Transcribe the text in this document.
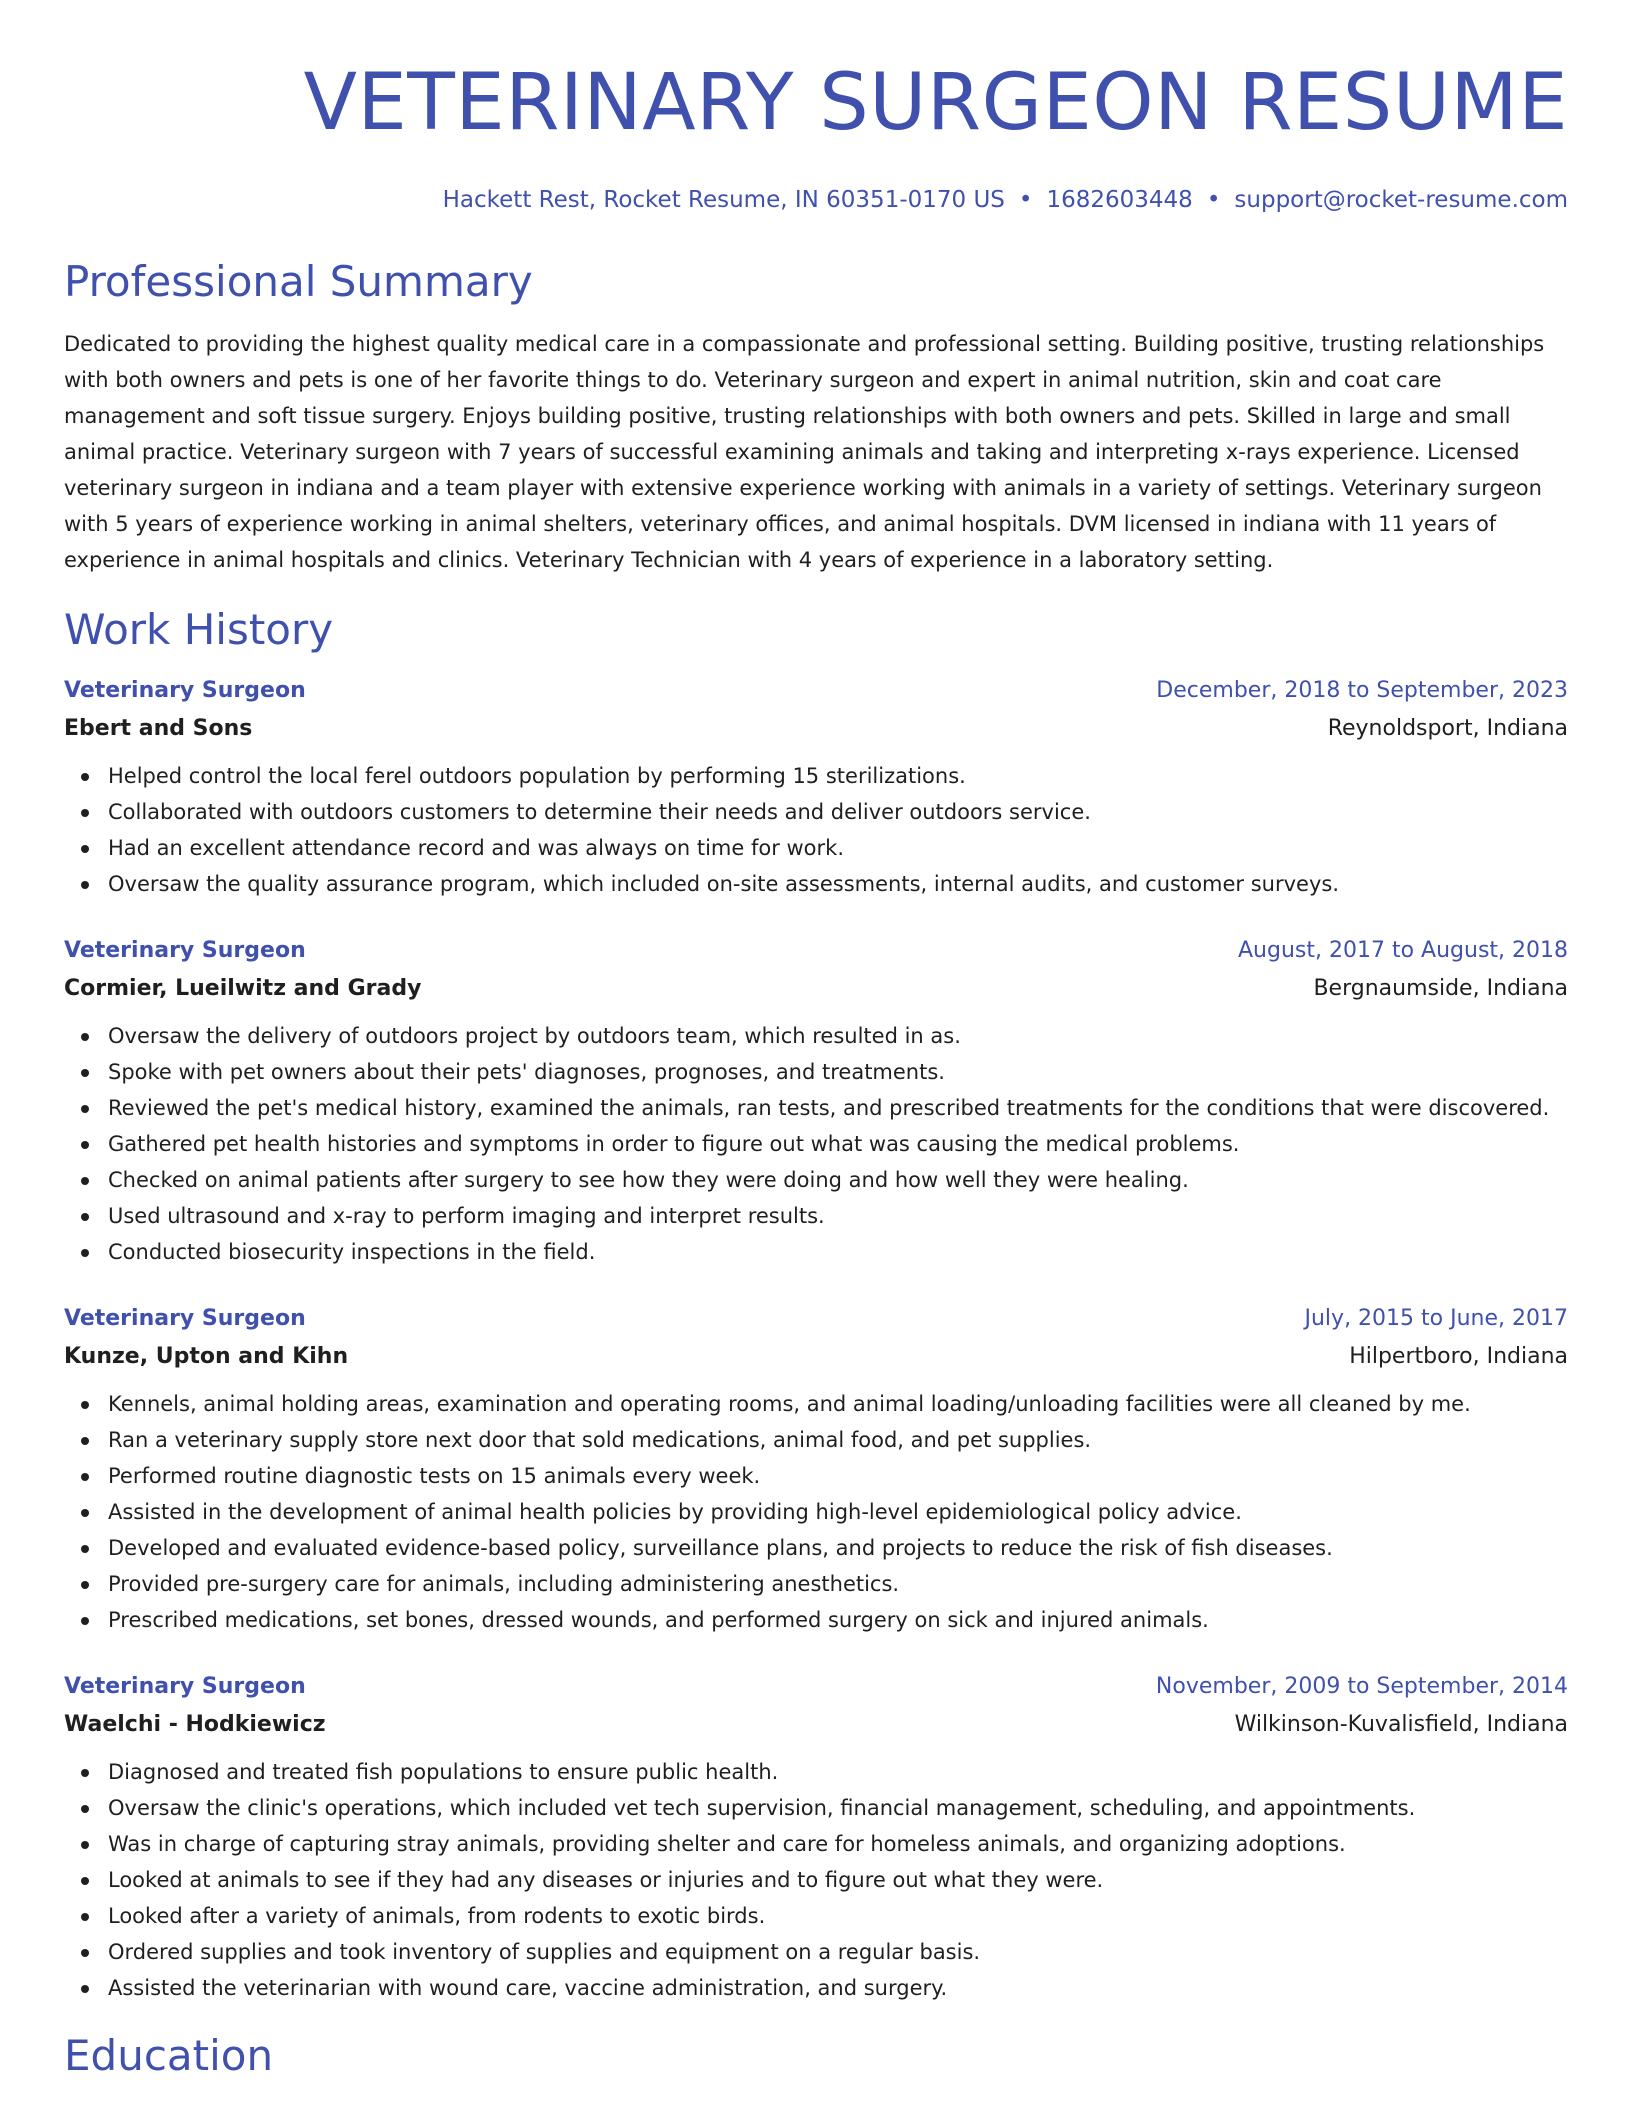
VETERINARY SURGEON RESUME
Hackett Rest, Rocket Resume, IN 60351-0170 US • 1682603448 • support@rocket-resume.com
Professional Summary

Dedicated to providing the highest quality medical care in a compassionate and professional setting. Building positive, trusting relationships with both owners and pets is one of her favorite things to do. Veterinary surgeon and expert in animal nutrition, skin and coat care management and soft tissue surgery. Enjoys building positive, trusting relationships with both owners and pets. Skilled in large and small animal practice. Veterinary surgeon with 7 years of successful examining animals and taking and interpreting x-rays experience. Licensed veterinary surgeon in indiana and a team player with extensive experience working with animals in a variety of settings. Veterinary surgeon with 5 years of experience working in animal shelters, veterinary offices, and animal hospitals. DVM licensed in indiana with 11 years of experience in animal hospitals and clinics. Veterinary Technician with 4 years of experience in a laboratory setting.

Work History
Veterinary Surgeon	December, 2018 to September, 2023
Ebert and Sons	Reynoldsport, Indiana
Helped control the local ferel outdoors population by performing 15 sterilizations.
Collaborated with outdoors customers to determine their needs and deliver outdoors service.
Had an excellent attendance record and was always on time for work.
Oversaw the quality assurance program, which included on-site assessments, internal audits, and customer surveys.
Veterinary Surgeon	August, 2017 to August, 2018
Cormier, Lueilwitz and Grady	Bergnaumside, Indiana
Oversaw the delivery of outdoors project by outdoors team, which resulted in as.
Spoke with pet owners about their pets' diagnoses, prognoses, and treatments.
Reviewed the pet's medical history, examined the animals, ran tests, and prescribed treatments for the conditions that were discovered.
Gathered pet health histories and symptoms in order to figure out what was causing the medical problems.
Checked on animal patients after surgery to see how they were doing and how well they were healing.
Used ultrasound and x-ray to perform imaging and interpret results.
Conducted biosecurity inspections in the field.
Veterinary Surgeon	July, 2015 to June, 2017
Kunze, Upton and Kihn	Hilpertboro, Indiana
Kennels, animal holding areas, examination and operating rooms, and animal loading/unloading facilities were all cleaned by me.
Ran a veterinary supply store next door that sold medications, animal food, and pet supplies.
Performed routine diagnostic tests on 15 animals every week.
Assisted in the development of animal health policies by providing high-level epidemiological policy advice.
Developed and evaluated evidence-based policy, surveillance plans, and projects to reduce the risk of fish diseases.
Provided pre-surgery care for animals, including administering anesthetics.
Prescribed medications, set bones, dressed wounds, and performed surgery on sick and injured animals.
Veterinary Surgeon	November, 2009 to September, 2014
Waelchi - Hodkiewicz	Wilkinson-Kuvalisfield, Indiana
Diagnosed and treated fish populations to ensure public health.
Oversaw the clinic's operations, which included vet tech supervision, financial management, scheduling, and appointments.
Was in charge of capturing stray animals, providing shelter and care for homeless animals, and organizing adoptions.
Looked at animals to see if they had any diseases or injuries and to figure out what they were.
Looked after a variety of animals, from rodents to exotic birds.
Ordered supplies and took inventory of supplies and equipment on a regular basis.
Assisted the veterinarian with wound care, vaccine administration, and surgery.
Education
